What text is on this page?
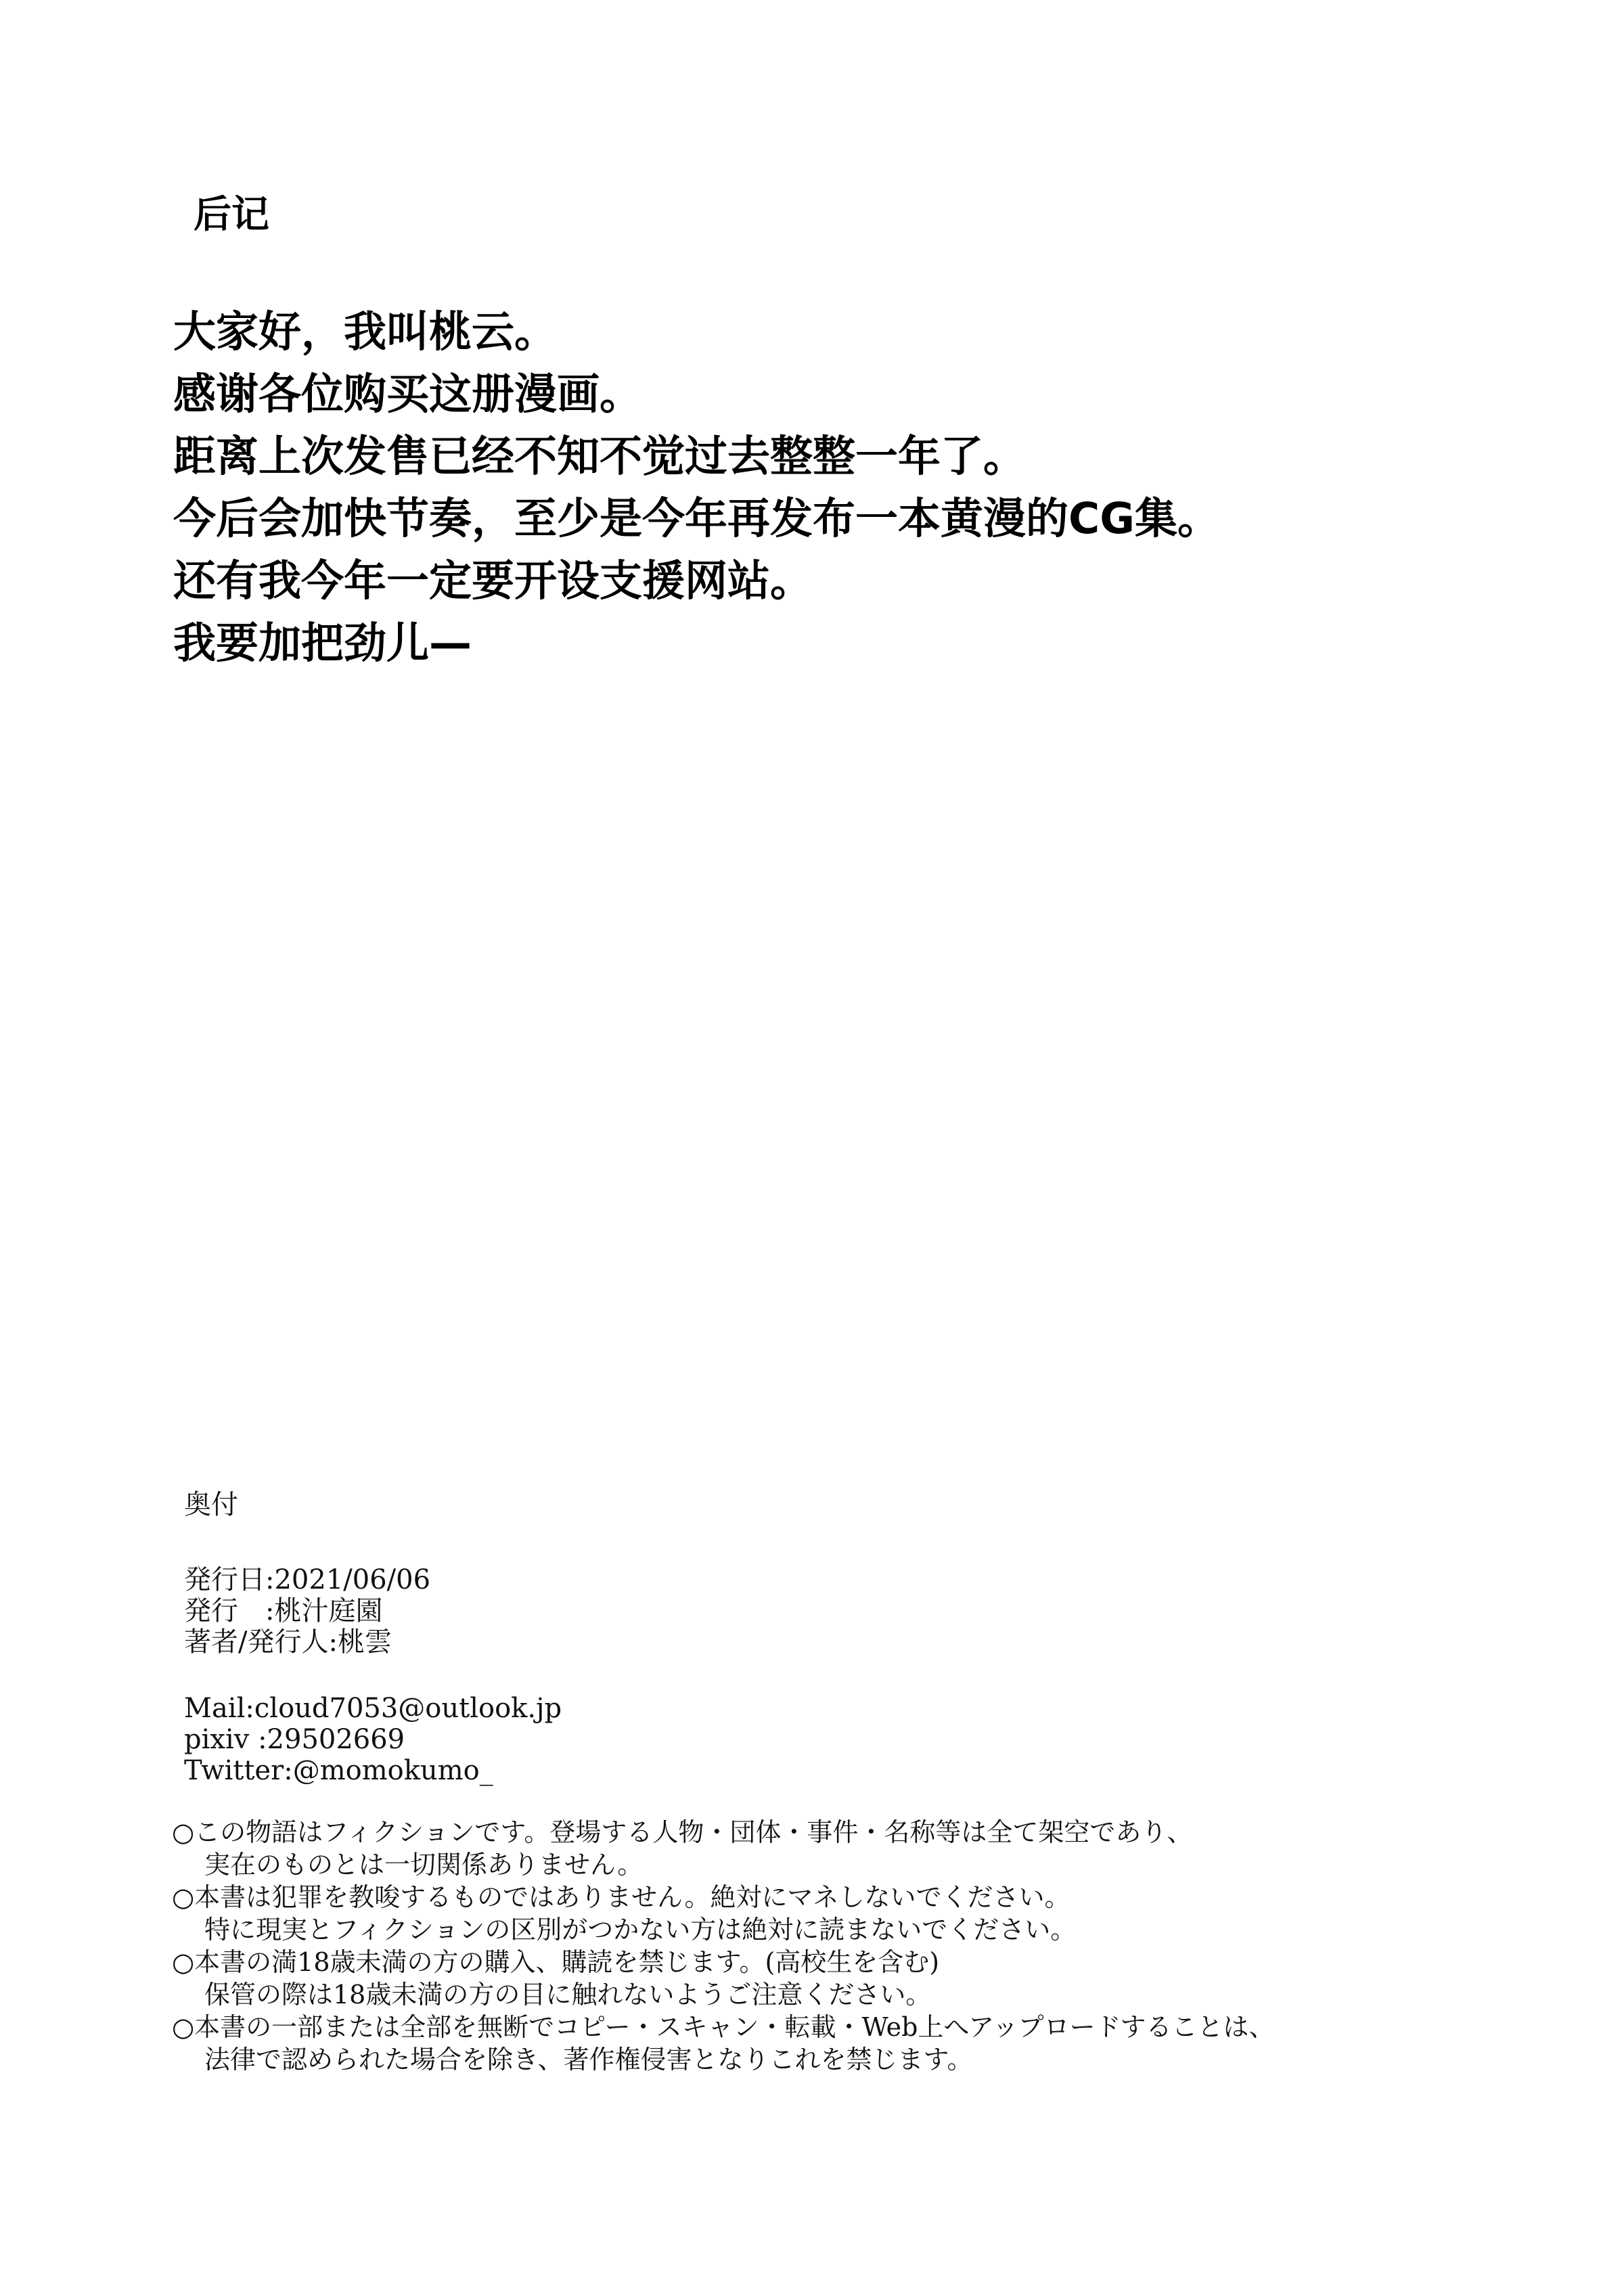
后记
大家好，我叫桃云。
感谢各位购买这册漫画。
距离上次发售已经不知不觉过去整整一年了。
今后会加快节奏，至少是今年再发布一本黄漫的CG集。
还有我今年一定要开设支援网站。
我要加把劲儿—
奥付
発行日:2021/06/06
発行　:桃汁庭園
著者/発行人:桃雲
Mail:cloud7053@outlook.jp
pixiv :29502669
Twitter:@momokumo_
○この物語はフィクションです。登場する人物・団体・事件・名称等は全て架空であり、
実在のものとは一切関係ありません。
○本書は犯罪を教唆するものではありません。絶対にマネしないでください。
特に現実とフィクションの区別がつかない方は絶対に読まないでください。
○本書の満18歳未満の方の購入、購読を禁じます。(高校生を含む)
保管の際は18歳未満の方の目に触れないようご注意ください。
○本書の一部または全部を無断でコピー・スキャン・転載・Web上へアップロードすることは、
法律で認められた場合を除き、著作権侵害となりこれを禁じます。
